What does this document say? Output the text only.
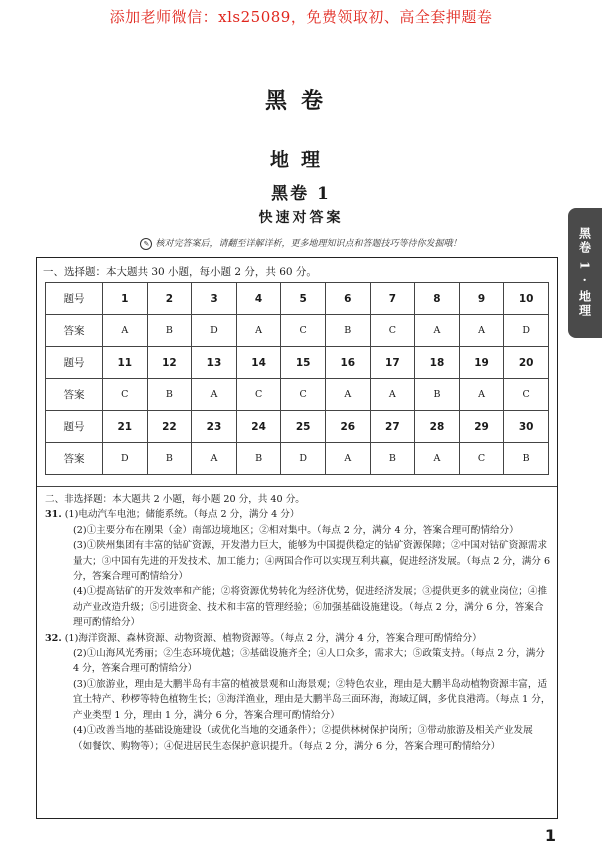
添加老师微信：xls25089，免费领取初、高全套押题卷
黑卷
地理
黑卷 1
快速对答案
黑卷 1 · 地理
✎ 核对完答案后，请翻至详解详析，更多地理知识点和答题技巧等待你发掘哦！
一、选择题：本大题共 30 小题，每小题 2 分，共 60 分。
题号	1	2	3	4	5	6	7	8	9	10
答案	A	B	D	A	C	B	C	A	A	D
题号	11	12	13	14	15	16	17	18	19	20
答案	C	B	A	C	C	A	A	B	A	C
题号	21	22	23	24	25	26	27	28	29	30
答案	D	B	A	B	D	A	B	A	C	B

二、非选择题：本大题共 2 小题，每小题 20 分，共 40 分。

31. (1)电动汽车电池；储能系统。（每点 2 分，满分 4 分）

(2)①主要分布在刚果（金）南部边境地区；②相对集中。（每点 2 分，满分 4 分，答案合理可酌情给分）

(3)①陕州集团有丰富的钴矿资源，开发潜力巨大，能够为中国提供稳定的钴矿资源保障；②中国对钴矿资源需求量大；③中国有先进的开发技术、加工能力；④两国合作可以实现互利共赢，促进经济发展。（每点 2 分，满分 6 分，答案合理可酌情给分）

(4)①提高钴矿的开发效率和产能；②将资源优势转化为经济优势，促进经济发展；③提供更多的就业岗位；④推动产业改造升级；⑤引进资金、技术和丰富的管理经验；⑥加强基础设施建设。（每点 2 分，满分 6 分，答案合理可酌情给分）

32. (1)海洋资源、森林资源、动物资源、植物资源等。（每点 2 分，满分 4 分，答案合理可酌情给分）

(2)①山海风光秀丽；②生态环境优越；③基础设施齐全；④人口众多，需求大；⑤政策支持。（每点 2 分，满分 4 分，答案合理可酌情给分）

(3)①旅游业，理由是大鹏半岛有丰富的植被景观和山海景观；②特色农业，理由是大鹏半岛动植物资源丰富，适宜土特产、秒椤等特色植物生长；③海洋渔业，理由是大鹏半岛三面环海，海域辽阔，多优良港湾。（每点 1 分，产业类型 1 分，理由 1 分，满分 6 分，答案合理可酌情给分）

(4)①改善当地的基础设施建设（或优化当地的交通条件）；②提供林树保护岗所；③带动旅游及相关产业发展（如餐饮、购物等）；④促进居民生态保护意识提升。（每点 2 分，满分 6 分，答案合理可酌情给分）

1
